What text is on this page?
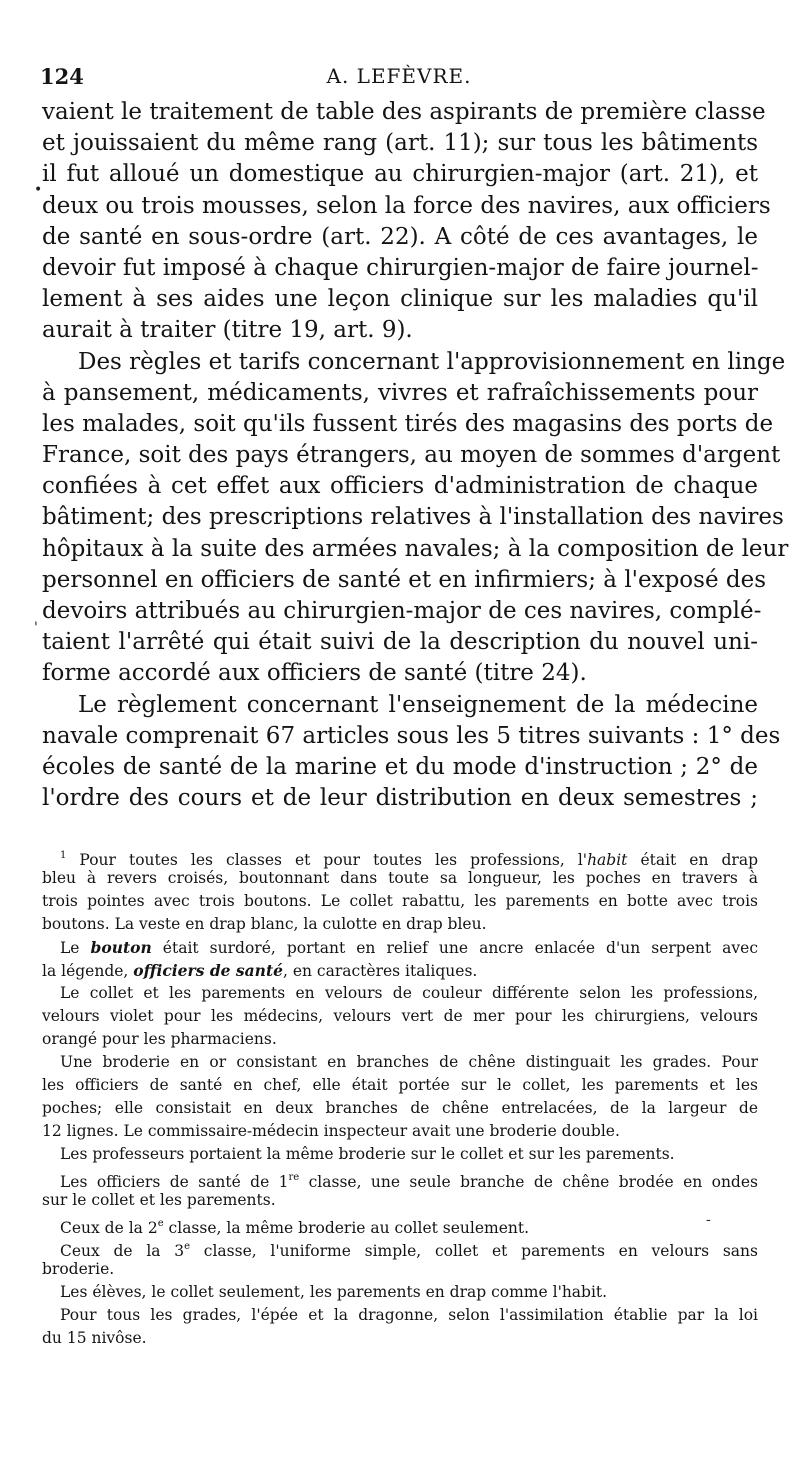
124	A. LEFÈVRE.
•
'
-
vaient le traitement de table des aspirants de première classe
et jouissaient du même rang (art. 11); sur tous les bâtiments
il fut alloué un domestique au chirurgien-major (art. 21), et
deux ou trois mousses, selon la force des navires, aux officiers
de santé en sous-ordre (art. 22). A côté de ces avantages, le
devoir fut imposé à chaque chirurgien-major de faire journel-
lement à ses aides une leçon clinique sur les maladies qu'il
aurait à traiter (titre 19, art. 9).
Des règles et tarifs concernant l'approvisionnement en linge
à pansement, médicaments, vivres et rafraîchissements pour
les malades, soit qu'ils fussent tirés des magasins des ports de
France, soit des pays étrangers, au moyen de sommes d'argent
confiées à cet effet aux officiers d'administration de chaque
bâtiment; des prescriptions relatives à l'installation des navires
hôpitaux à la suite des armées navales; à la composition de leur
personnel en officiers de santé et en infirmiers; à l'exposé des
devoirs attribués au chirurgien-major de ces navires, complé-
taient l'arrêté qui était suivi de la description du nouvel uni-
forme accordé aux officiers de santé (titre 24).
Le règlement concernant l'enseignement de la médecine
navale comprenait 67 articles sous les 5 titres suivants : 1° des
écoles de santé de la marine et du mode d'instruction ; 2° de
l'ordre des cours et de leur distribution en deux semestres ;
$^1$ Pour toutes les classes et pour toutes les professions, l'habit était en drap
bleu à revers croisés, boutonnant dans toute sa longueur, les poches en travers à
trois pointes avec trois boutons. Le collet rabattu, les parements en botte avec trois
boutons. La veste en drap blanc, la culotte en drap bleu.
Le bouton était surdoré, portant en relief une ancre enlacée d'un serpent avec
la légende, officiers de santé, en caractères italiques.
Le collet et les parements en velours de couleur différente selon les professions,
velours violet pour les médecins, velours vert de mer pour les chirurgiens, velours
orangé pour les pharmaciens.
Une broderie en or consistant en branches de chêne distinguait les grades. Pour
les officiers de santé en chef, elle était portée sur le collet, les parements et les
poches; elle consistait en deux branches de chêne entrelacées, de la largeur de
12 lignes. Le commissaire-médecin inspecteur avait une broderie double.
Les professeurs portaient la même broderie sur le collet et sur les parements.
Les officiers de santé de 1re classe, une seule branche de chêne brodée en ondes
sur le collet et les parements.
Ceux de la 2e classe, la même broderie au collet seulement.
Ceux de la 3e classe, l'uniforme simple, collet et parements en velours sans
broderie.
Les élèves, le collet seulement, les parements en drap comme l'habit.
Pour tous les grades, l'épée et la dragonne, selon l'assimilation établie par la loi
du 15 nivôse.
